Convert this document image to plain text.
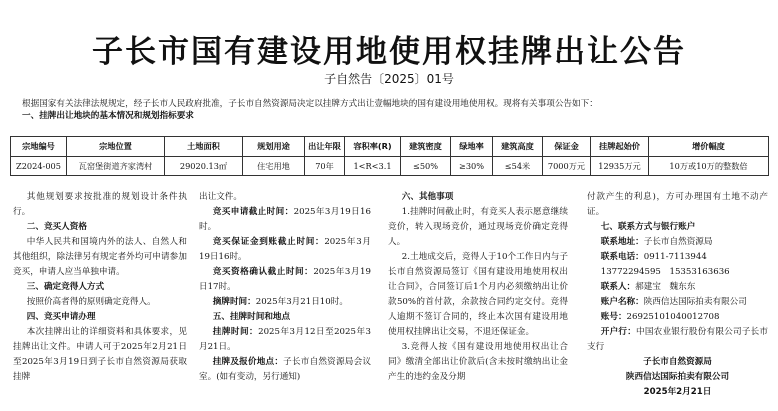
子长市国有建设用地使用权挂牌出让公告
子自然告〔2025〕01号
根据国家有关法律法规规定，经子长市人民政府批准，子长市自然资源局决定以挂牌方式出让壹幅地块的国有建设用地使用权。现将有关事项公告如下：
一、挂牌出让地块的基本情况和规划指标要求
宗地编号	宗地位置	土地面积	规划用途	出让年限	容积率(R)	建筑密度	绿地率	建筑高度	保证金	挂牌起始价	增价幅度
Z2024-005	瓦窑堡街道齐家湾村	29020.13㎡	住宅用地	70年	1<R<3.1	≤50%	≥30%	≤54米	7000万元	12935万元	10万或10万的整数倍

其他规划要求按批准的规划设计条件执行。

二、竞买人资格

中华人民共和国境内外的法人、自然人和其他组织，除法律另有规定者外均可申请参加竞买，申请人应当单独申请。

三、确定竞得人方式

按照价高者得的原则确定竞得人。

四、竞买申请办理

本次挂牌出让的详细资料和具体要求，见挂牌出让文件。申请人可于2025年2月21日至2025年3月19日到子长市自然资源局获取挂牌

出让文件。

竞买申请截止时间：2025年3月19日16时。

竞买保证金到账截止时间：2025年3月19日16时。

竞买资格确认截止时间：2025年3月19日17时。

摘牌时间：2025年3月21日10时。

五、挂牌时间和地点

挂牌时间：2025年3月12日至2025年3月21日。

挂牌及报价地点：子长市自然资源局会议室。(如有变动，另行通知)

六、其他事项

1.挂牌时间截止时，有竞买人表示愿意继续竞价，转入现场竞价，通过现场竞价确定竞得人。

2.土地成交后，竞得人于10个工作日内与子长市自然资源局签订《国有建设用地使用权出让合同》，合同签订后1个月内必须缴纳出让价款50%的首付款，余款按合同约定交付。竞得人逾期不签订合同的，终止本次国有建设用地使用权挂牌出让交易，不退还保证金。

3.竞得人按《国有建设用地使用权出让合同》缴清全部出让价款后(含未按时缴纳出让金产生的违约金及分期

付款产生的利息)，方可办理国有土地不动产证。

七、联系方式与银行账户

联系地址：子长市自然资源局

联系电话：0911-7113944

13772294595　15353163636

联系人：郝建宝　魏东东

账户名称：陕西信达国际拍卖有限公司

账号：26925101040012708

开户行：中国农业银行股份有限公司子长市支行

子长市自然资源局

陕西信达国际拍卖有限公司

2025年2月21日
